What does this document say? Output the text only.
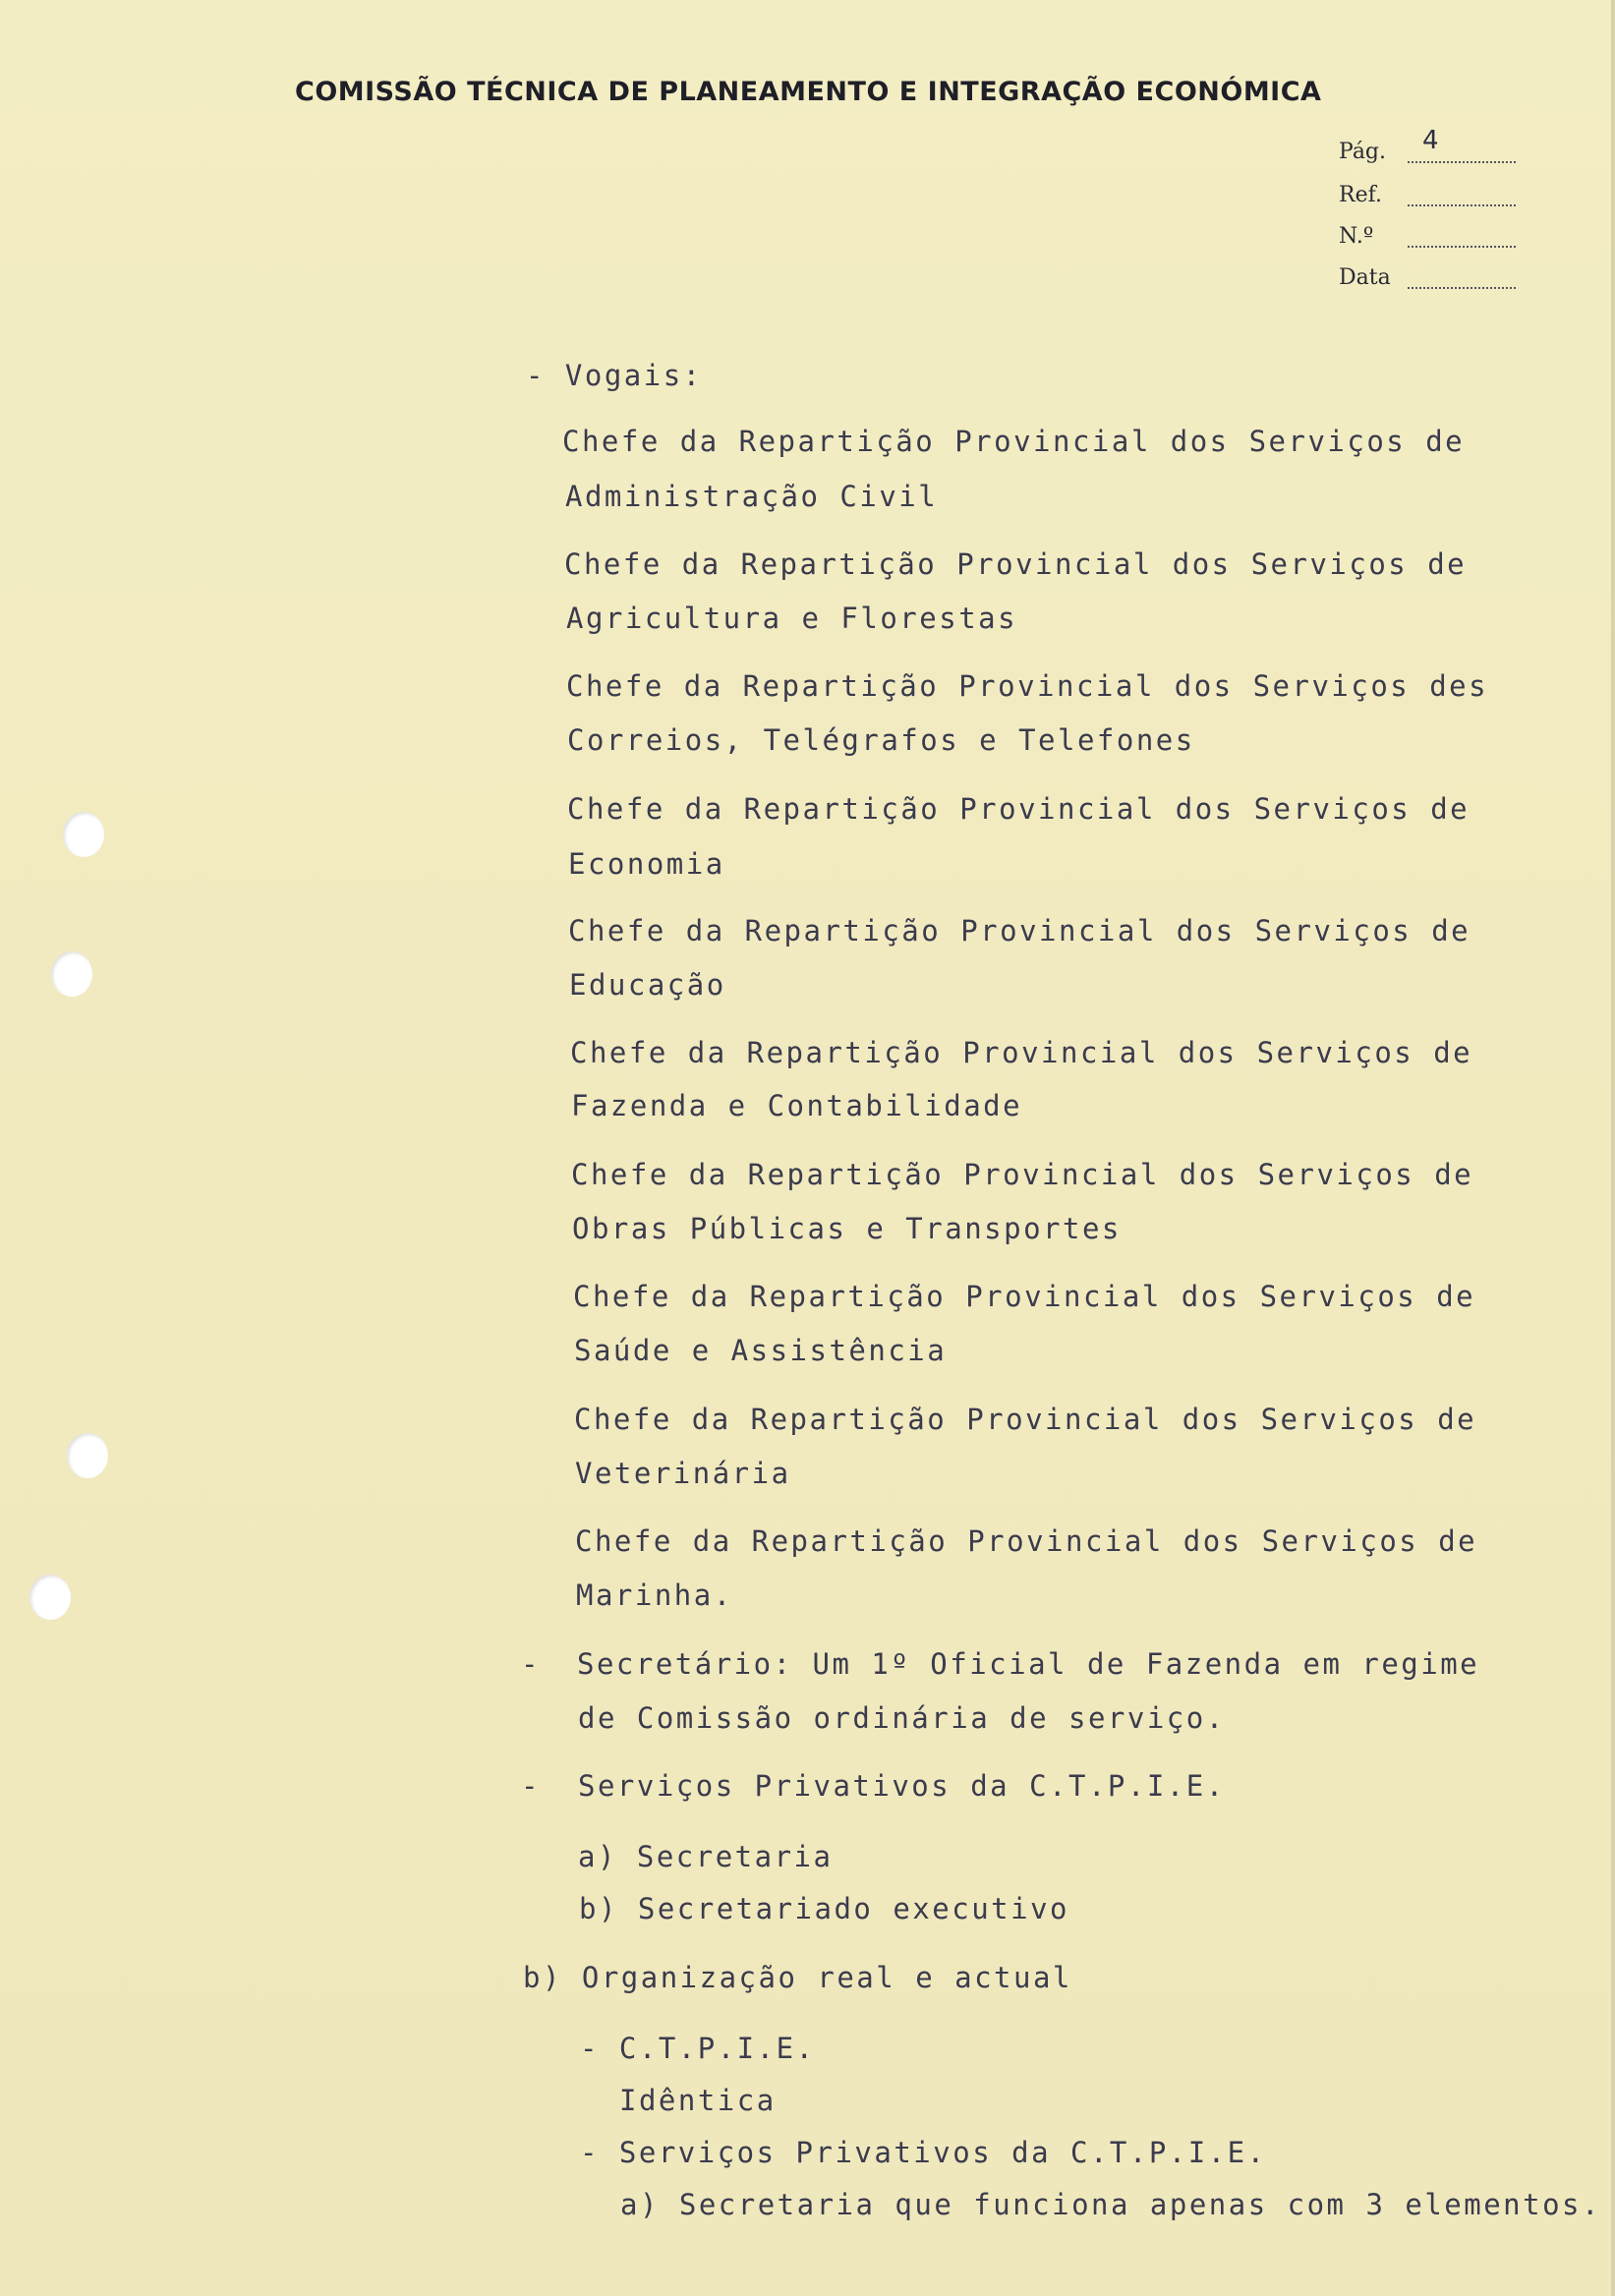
COMISSÃO TÉCNICA DE PLANEAMENTO E INTEGRAÇÃO ECONÓMICA
Pág. 4
Ref.
N.º
Data
- Vogais:
Chefe da Repartição Provincial dos Serviços de
Administração Civil
Chefe da Repartição Provincial dos Serviços de
Agricultura e Florestas
Chefe da Repartição Provincial dos Serviços des
Correios, Telégrafos e Telefones
Chefe da Repartição Provincial dos Serviços de
Economia
Chefe da Repartição Provincial dos Serviços de
Educação
Chefe da Repartição Provincial dos Serviços de
Fazenda e Contabilidade
Chefe da Repartição Provincial dos Serviços de
Obras Públicas e Transportes
Chefe da Repartição Provincial dos Serviços de
Saúde e Assistência
Chefe da Repartição Provincial dos Serviços de
Veterinária
Chefe da Repartição Provincial dos Serviços de
Marinha.
- Secretário: Um 1º Oficial de Fazenda em regime
de Comissão ordinária de serviço.
- Serviços Privativos da C.T.P.I.E.
a) Secretaria
b) Secretariado executivo
b) Organização real e actual
- C.T.P.I.E.
Idêntica
- Serviços Privativos da C.T.P.I.E.
a) Secretaria que funciona apenas com 3 elementos.
